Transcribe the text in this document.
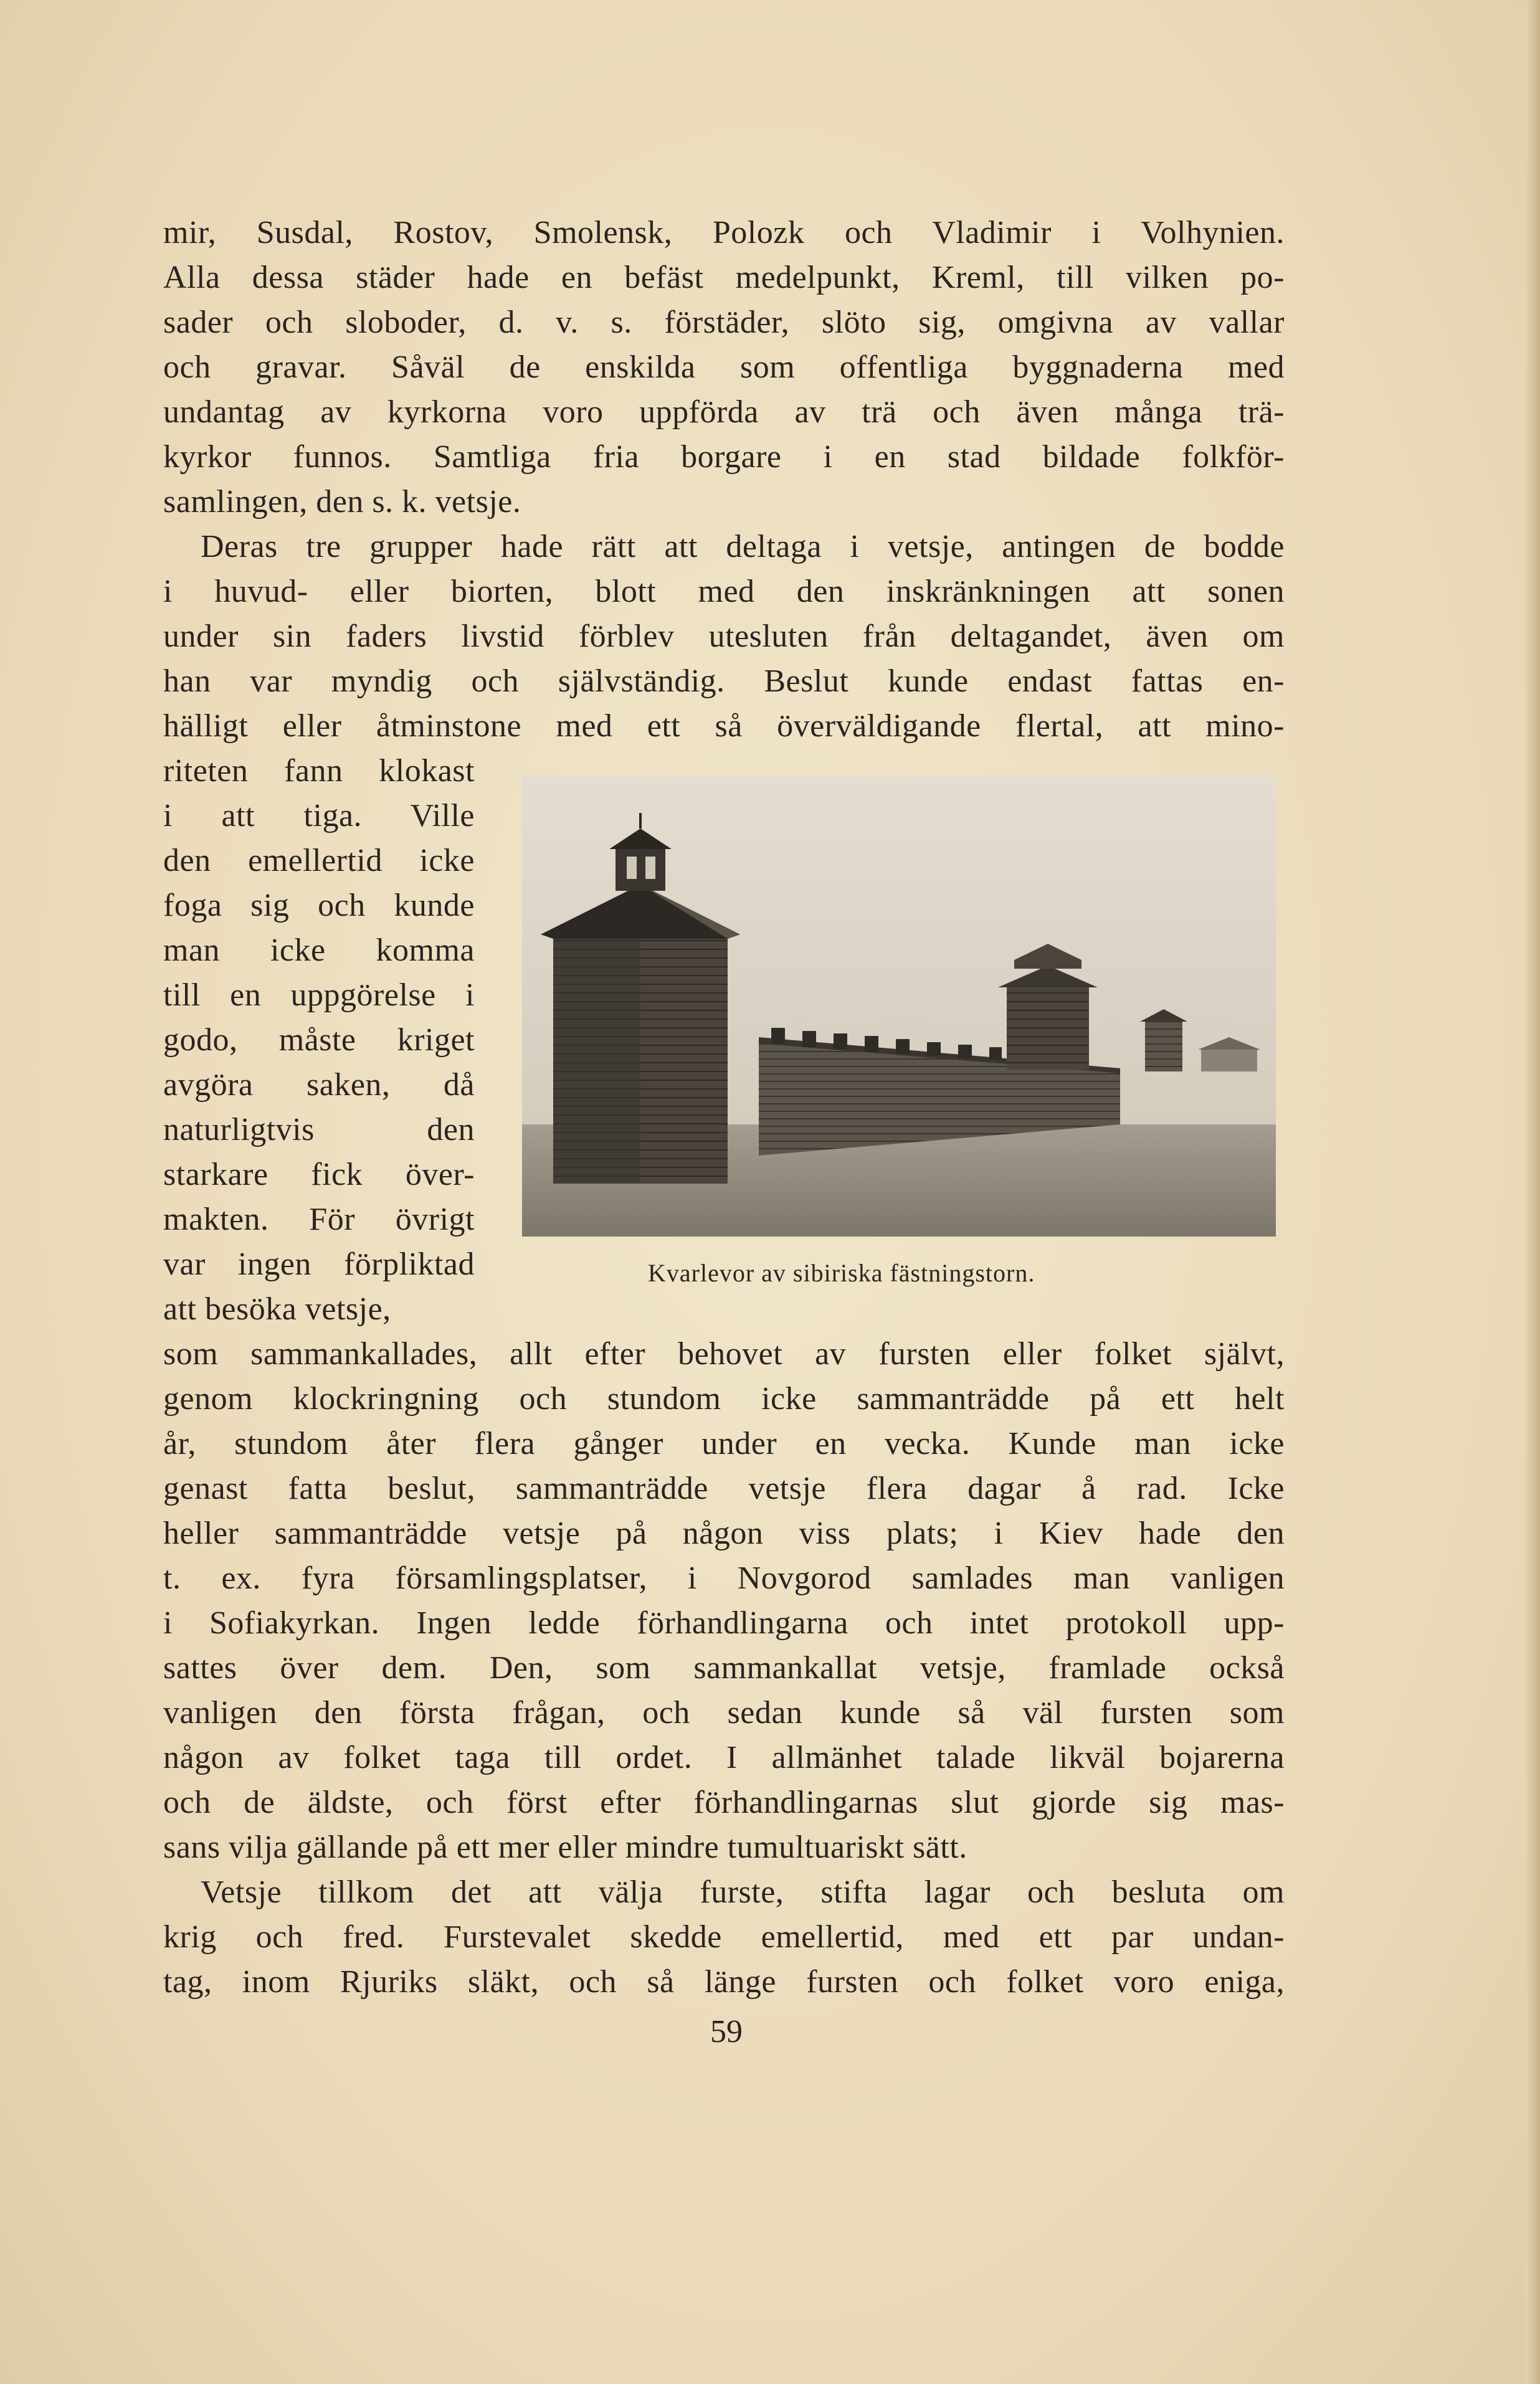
mir, Susdal, Rostov, Smolensk, Polozk och Vladimir i Volhynien.
Alla dessa städer hade en befäst medelpunkt, Kreml, till vilken po-
sader och sloboder, d. v. s. förstäder, slöto sig, omgivna av vallar
och gravar. Såväl de enskilda som offentliga byggnaderna med
undantag av kyrkorna voro uppförda av trä och även många trä-
kyrkor funnos. Samtliga fria borgare i en stad bildade folkför-
samlingen, den s. k. vetsje.
Deras tre grupper hade rätt att deltaga i vetsje, antingen de bodde
i huvud- eller biorten, blott med den inskränkningen att sonen
under sin faders livstid förblev utesluten från deltagandet, även om
han var myndig och självständig. Beslut kunde endast fattas en-
hälligt eller åtminstone med ett så överväldigande flertal, att mino-
riteten fann klokast
i att tiga. Ville
den emellertid icke
foga sig och kunde
man icke komma
till en uppgörelse i
godo, måste kriget
avgöra saken, då
naturligtvis den
starkare fick över-
makten. För övrigt
var ingen förpliktad
att besöka vetsje,
Kvarlevor av sibiriska fästningstorn.
som sammankallades, allt efter behovet av fursten eller folket självt,
genom klockringning och stundom icke sammanträdde på ett helt
år, stundom åter flera gånger under en vecka. Kunde man icke
genast fatta beslut, sammanträdde vetsje flera dagar å rad. Icke
heller sammanträdde vetsje på någon viss plats; i Kiev hade den
t. ex. fyra församlingsplatser, i Novgorod samlades man vanligen
i Sofiakyrkan. Ingen ledde förhandlingarna och intet protokoll upp-
sattes över dem. Den, som sammankallat vetsje, framlade också
vanligen den första frågan, och sedan kunde så väl fursten som
någon av folket taga till ordet. I allmänhet talade likväl bojarerna
och de äldste, och först efter förhandlingarnas slut gjorde sig mas-
sans vilja gällande på ett mer eller mindre tumultuariskt sätt.
Vetsje tillkom det att välja furste, stifta lagar och besluta om
krig och fred. Furstevalet skedde emellertid, med ett par undan-
tag, inom Rjuriks släkt, och så länge fursten och folket voro eniga,
59
